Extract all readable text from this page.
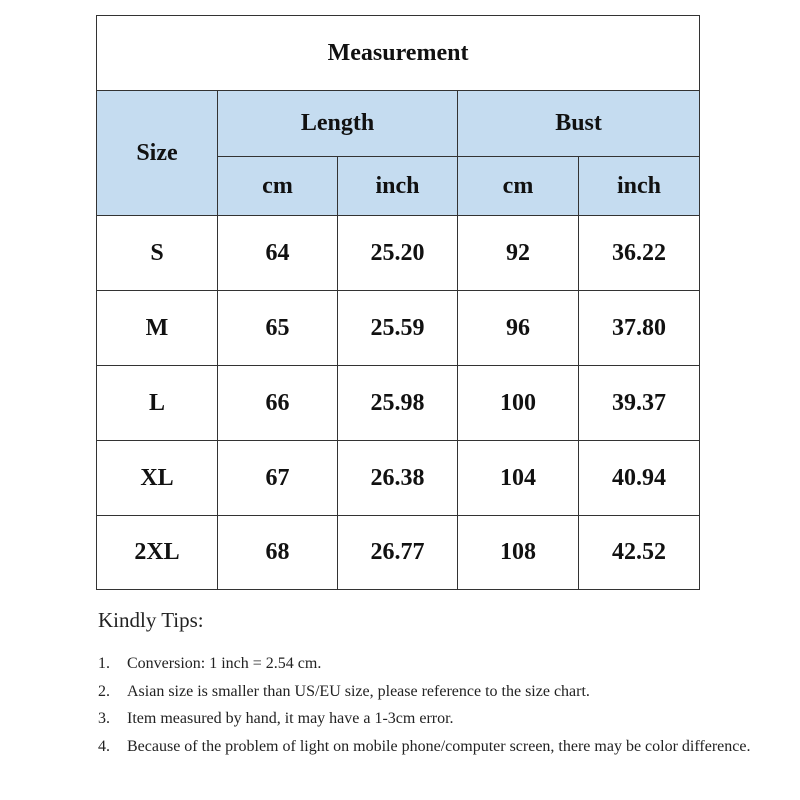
Measurement				
Size	Length		Bust	
	cm	inch	cm	inch
S	64	25.20	92	36.22
M	65	25.59	96	37.80
L	66	25.98	100	39.37
XL	67	26.38	104	40.94
2XL	68	26.77	108	42.52
Kindly Tips:
1. Conversion: 1 inch = 2.54 cm.
2. Asian size is smaller than US/EU size, please reference to the size chart.
3. Item measured by hand, it may have a 1-3cm error.
4. Because of the problem of light on mobile phone/computer screen, there may be color difference.
